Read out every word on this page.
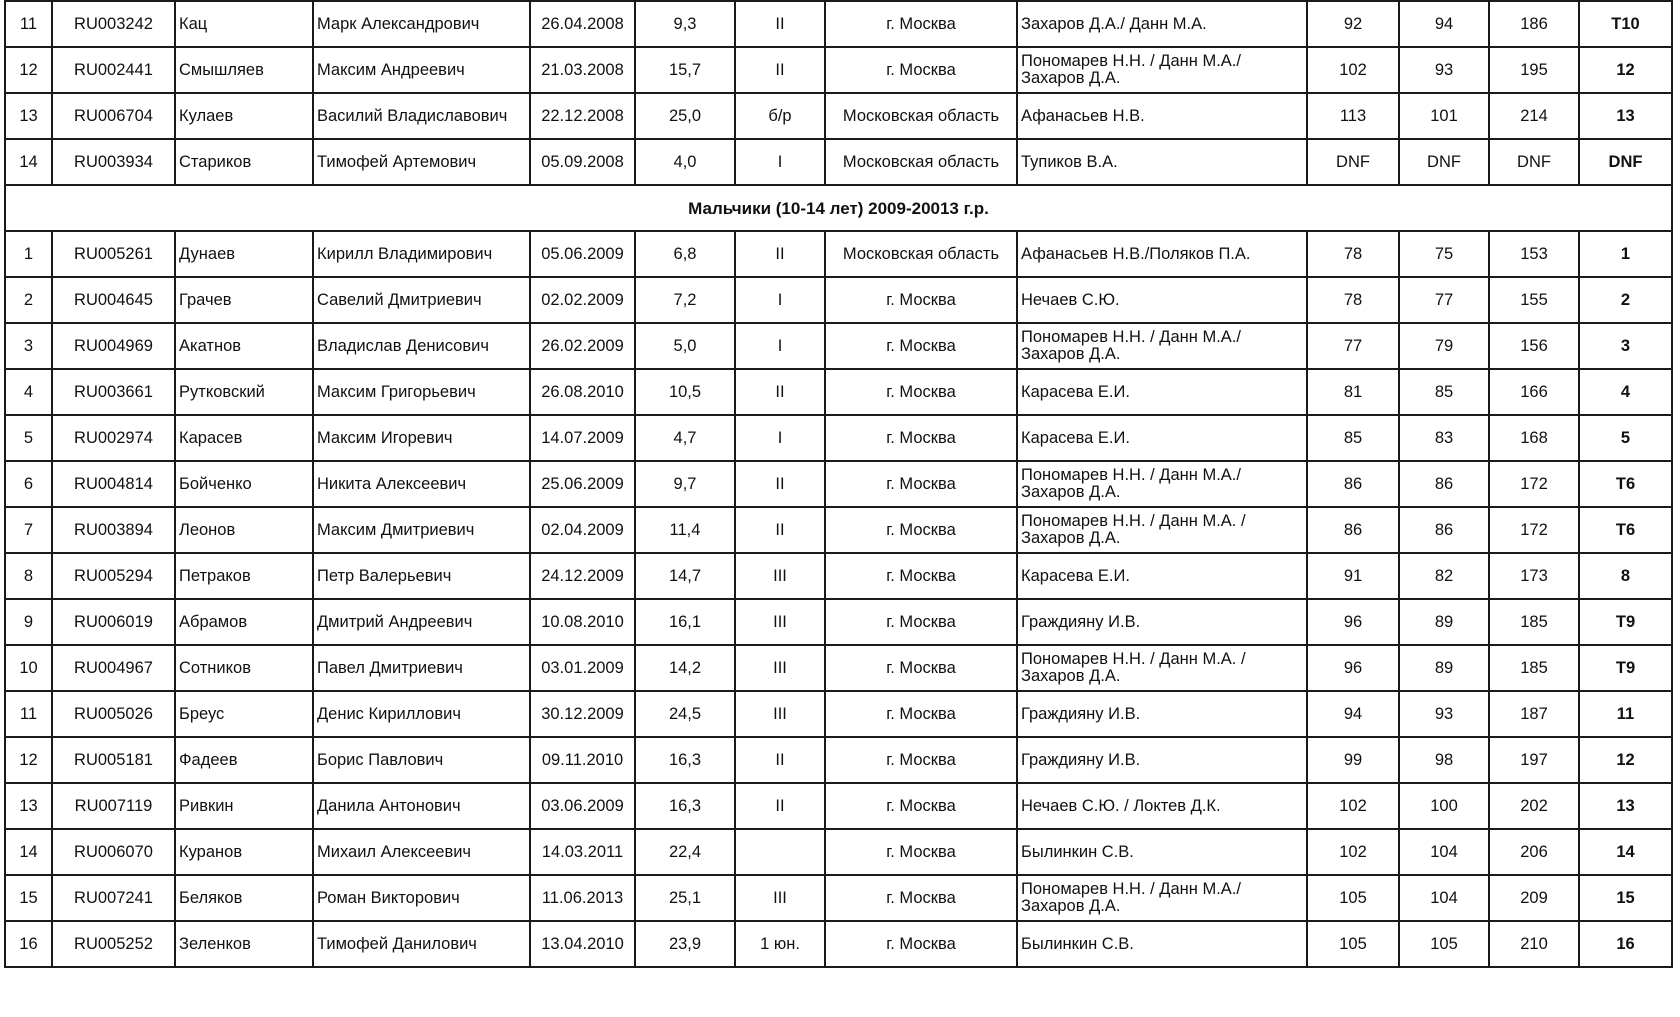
11	RU003242	Кац	Марк Александрович	26.04.2008	9,3	II	г. Москва	Захаров Д.А./ Данн М.А.	92	94	186	Т10
12	RU002441	Смышляев	Максим Андреевич	21.03.2008	15,7	II	г. Москва	Пономарев Н.Н. / Данн М.А./ Захаров Д.А.	102	93	195	12
13	RU006704	Кулаев	Василий Владиславович	22.12.2008	25,0	б/р	Московская область	Афанасьев Н.В.	113	101	214	13
14	RU003934	Стариков	Тимофей Артемович	05.09.2008	4,0	I	Московская область	Тупиков В.А.	DNF	DNF	DNF	DNF
Мальчики (10-14 лет) 2009-20013 г.р.												
1	RU005261	Дунаев	Кирилл Владимирович	05.06.2009	6,8	II	Московская область	Афанасьев Н.В./Поляков П.А.	78	75	153	1
2	RU004645	Грачев	Савелий Дмитриевич	02.02.2009	7,2	I	г. Москва	Нечаев С.Ю.	78	77	155	2
3	RU004969	Акатнов	Владислав Денисович	26.02.2009	5,0	I	г. Москва	Пономарев Н.Н. / Данн М.А./ Захаров Д.А.	77	79	156	3
4	RU003661	Рутковский	Максим Григорьевич	26.08.2010	10,5	II	г. Москва	Карасева Е.И.	81	85	166	4
5	RU002974	Карасев	Максим Игоревич	14.07.2009	4,7	I	г. Москва	Карасева Е.И.	85	83	168	5
6	RU004814	Бойченко	Никита Алексеевич	25.06.2009	9,7	II	г. Москва	Пономарев Н.Н. / Данн М.А./ Захаров Д.А.	86	86	172	Т6
7	RU003894	Леонов	Максим Дмитриевич	02.04.2009	11,4	II	г. Москва	Пономарев Н.Н. / Данн М.А. / Захаров Д.А.	86	86	172	Т6
8	RU005294	Петраков	Петр Валерьевич	24.12.2009	14,7	III	г. Москва	Карасева Е.И.	91	82	173	8
9	RU006019	Абрамов	Дмитрий Андреевич	10.08.2010	16,1	III	г. Москва	Граждияну И.В.	96	89	185	Т9
10	RU004967	Сотников	Павел Дмитриевич	03.01.2009	14,2	III	г. Москва	Пономарев Н.Н. / Данн М.А. / Захаров Д.А.	96	89	185	Т9
11	RU005026	Бреус	Денис Кириллович	30.12.2009	24,5	III	г. Москва	Граждияну И.В.	94	93	187	11
12	RU005181	Фадеев	Борис Павлович	09.11.2010	16,3	II	г. Москва	Граждияну И.В.	99	98	197	12
13	RU007119	Ривкин	Данила Антонович	03.06.2009	16,3	II	г. Москва	Нечаев С.Ю. / Локтев Д.К.	102	100	202	13
14	RU006070	Куранов	Михаил Алексеевич	14.03.2011	22,4		г. Москва	Былинкин С.В.	102	104	206	14
15	RU007241	Беляков	Роман Викторович	11.06.2013	25,1	III	г. Москва	Пономарев Н.Н. / Данн М.А./ Захаров Д.А.	105	104	209	15
16	RU005252	Зеленков	Тимофей Данилович	13.04.2010	23,9	1 юн.	г. Москва	Былинкин С.В.	105	105	210	16
